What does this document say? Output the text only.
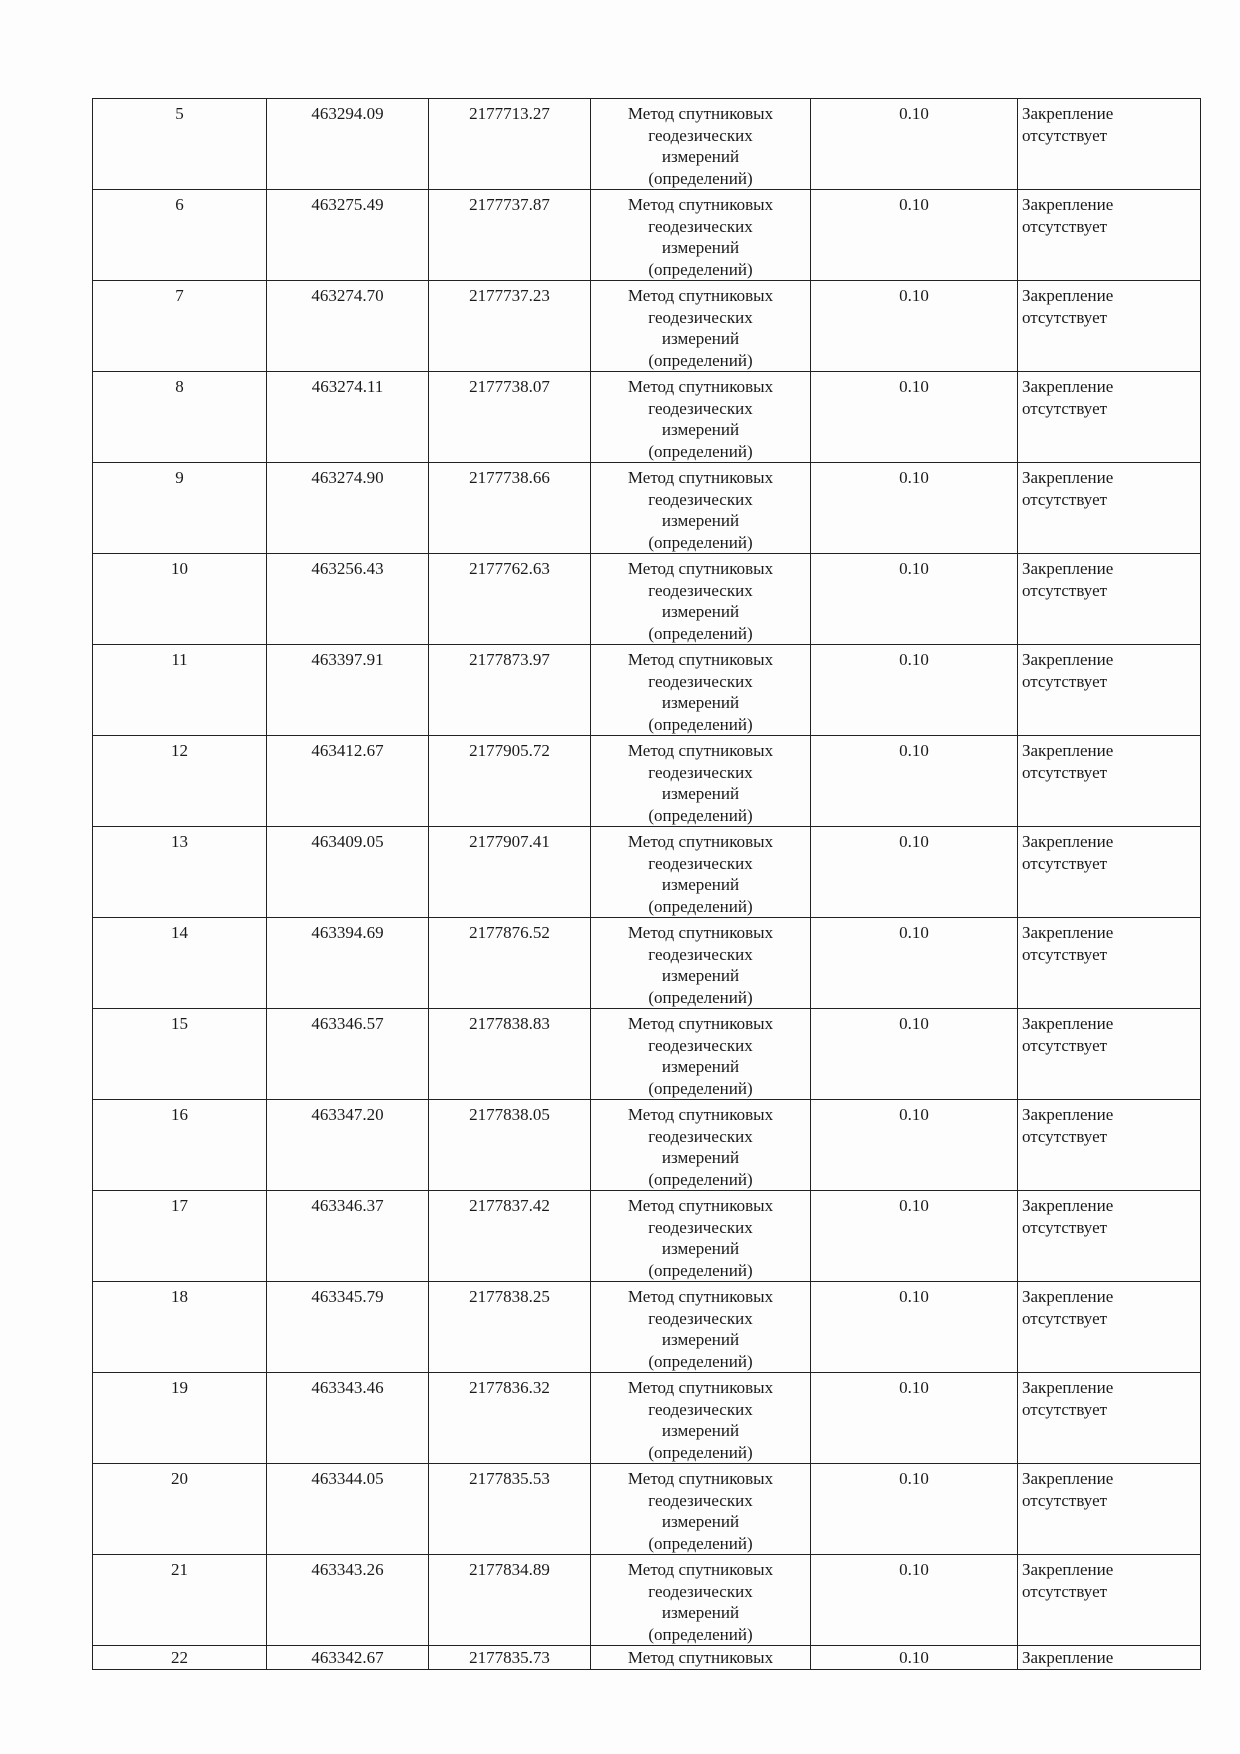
5	463294.09	2177713.27	Метод спутниковых
геодезических
измерений
(определений)	0.10	Закрепление
отсутствует

6	463275.49	2177737.87	Метод спутниковых
геодезических
измерений
(определений)	0.10	Закрепление
отсутствует

7	463274.70	2177737.23	Метод спутниковых
геодезических
измерений
(определений)	0.10	Закрепление
отсутствует

8	463274.11	2177738.07	Метод спутниковых
геодезических
измерений
(определений)	0.10	Закрепление
отсутствует

9	463274.90	2177738.66	Метод спутниковых
геодезических
измерений
(определений)	0.10	Закрепление
отсутствует

10	463256.43	2177762.63	Метод спутниковых
геодезических
измерений
(определений)	0.10	Закрепление
отсутствует

11	463397.91	2177873.97	Метод спутниковых
геодезических
измерений
(определений)	0.10	Закрепление
отсутствует

12	463412.67	2177905.72	Метод спутниковых
геодезических
измерений
(определений)	0.10	Закрепление
отсутствует

13	463409.05	2177907.41	Метод спутниковых
геодезических
измерений
(определений)	0.10	Закрепление
отсутствует

14	463394.69	2177876.52	Метод спутниковых
геодезических
измерений
(определений)	0.10	Закрепление
отсутствует

15	463346.57	2177838.83	Метод спутниковых
геодезических
измерений
(определений)	0.10	Закрепление
отсутствует

16	463347.20	2177838.05	Метод спутниковых
геодезических
измерений
(определений)	0.10	Закрепление
отсутствует

17	463346.37	2177837.42	Метод спутниковых
геодезических
измерений
(определений)	0.10	Закрепление
отсутствует

18	463345.79	2177838.25	Метод спутниковых
геодезических
измерений
(определений)	0.10	Закрепление
отсутствует

19	463343.46	2177836.32	Метод спутниковых
геодезических
измерений
(определений)	0.10	Закрепление
отсутствует

20	463344.05	2177835.53	Метод спутниковых
геодезических
измерений
(определений)	0.10	Закрепление
отсутствует

21	463343.26	2177834.89	Метод спутниковых
геодезических
измерений
(определений)	0.10	Закрепление
отсутствует

22	463342.67	2177835.73	Метод спутниковых	0.10	Закрепление
